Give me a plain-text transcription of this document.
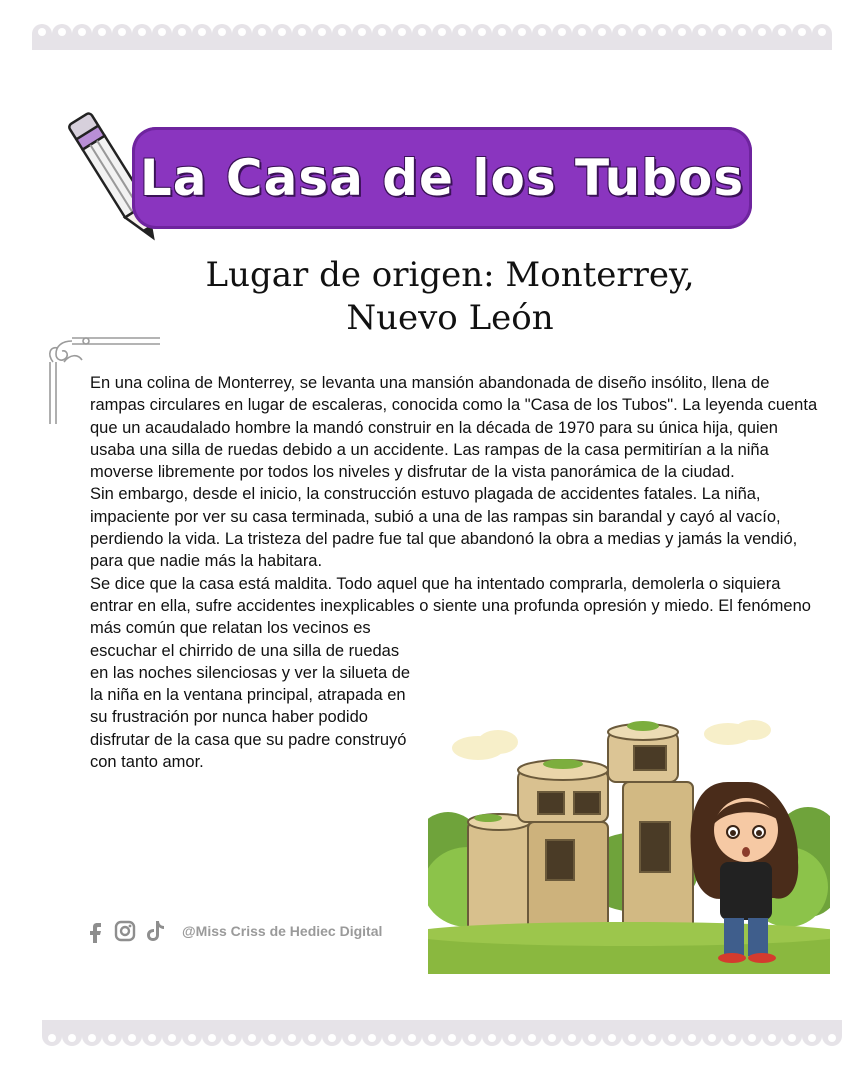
La Casa de los Tubos
Lugar de origen: Monterrey,
Nuevo León

En una colina de Monterrey, se levanta una mansión abandonada de diseño insólito, llena de rampas circulares en lugar de escaleras, conocida como la "Casa de los Tubos". La leyenda cuenta que un acaudalado hombre la mandó construir en la década de 1970 para su única hija, quien usaba una silla de ruedas debido a un accidente. Las rampas de la casa permitirían a la niña moverse libremente por todos los niveles y disfrutar de la vista panorámica de la ciudad.

Sin embargo, desde el inicio, la construcción estuvo plagada de accidentes fatales. La niña, impaciente por ver su casa terminada, subió a una de las rampas sin barandal y cayó al vacío, perdiendo la vida. La tristeza del padre fue tal que abandonó la obra a medias y jamás la vendió, para que nadie más la habitara.

Se dice que la casa está maldita. Todo aquel que ha intentado comprarla, demolerla o siquiera entrar en ella, sufre accidentes inexplicables o siente una profunda opresión y miedo. El fenómeno más común que relatan los vecinos es

escuchar el chirrido de una silla de ruedas en las noches silenciosas y ver la silueta de la niña en la ventana principal, atrapada en su frustración por nunca haber podido disfrutar de la casa que su padre construyó con tanto amor.

@Miss Criss de Hediec Digital
